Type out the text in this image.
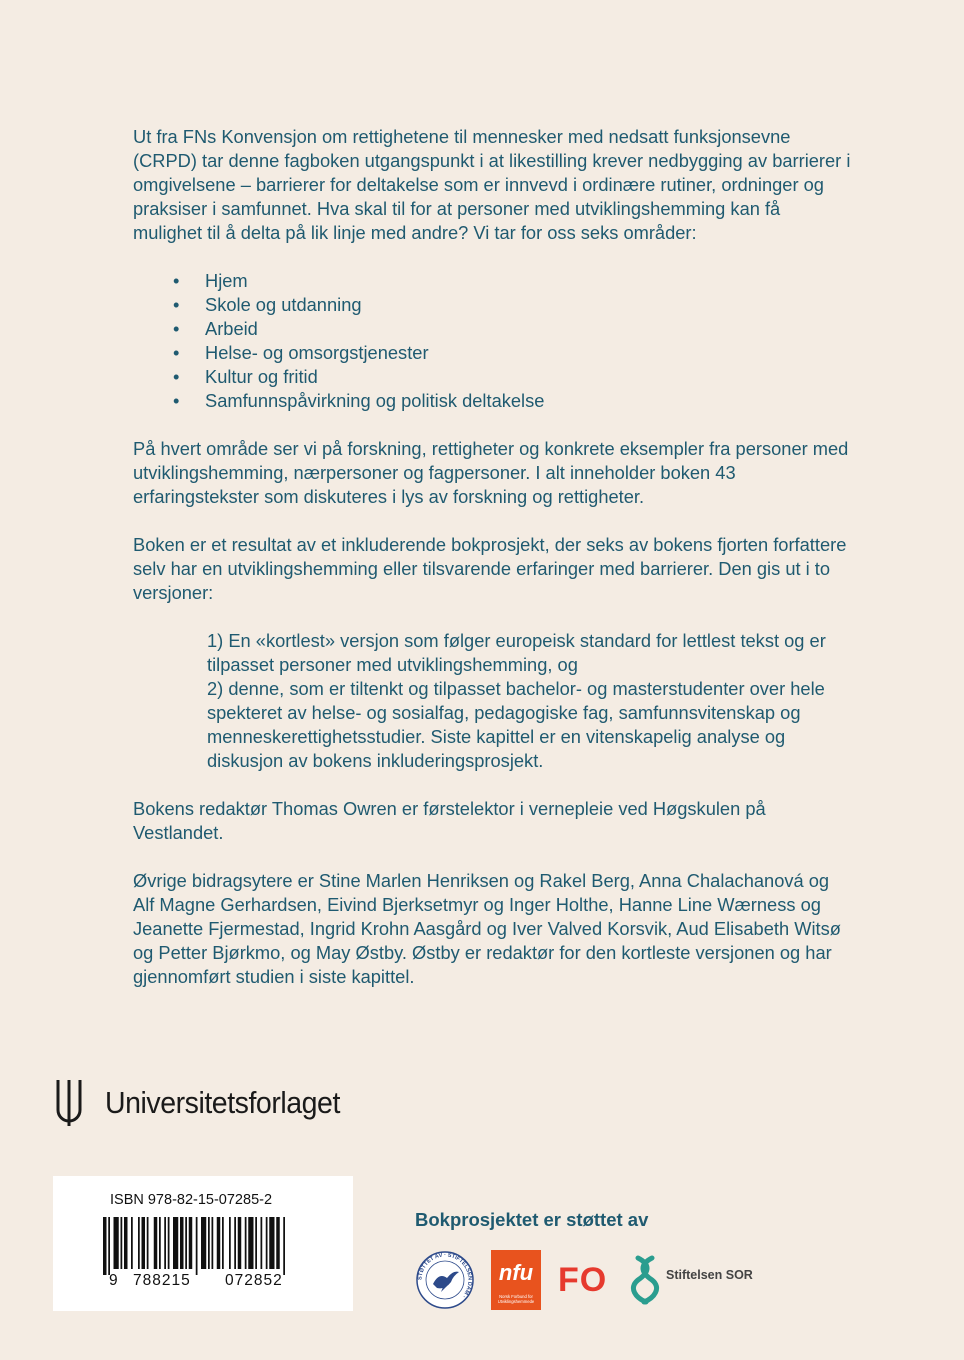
Ut fra FNs Konvensjon om rettighetene til mennesker med nedsatt funksjonsevne (CRPD) tar denne fagboken utgangspunkt i at likestilling krever nedbygging av barrierer i omgivelsene – barrierer for deltakelse som er innvevd i ordinære rutiner, ordninger og praksiser i samfunnet. Hva skal til for at personer med utviklingshemming kan få mulighet til å delta på lik linje med andre? Vi tar for oss seks områder:

• Hjem
• Skole og utdanning
• Arbeid
• Helse- og omsorgstjenester
• Kultur og fritid
• Samfunnspåvirkning og politisk deltakelse

På hvert område ser vi på forskning, rettigheter og konkrete eksempler fra personer med utviklingshemming, nærpersoner og fagpersoner. I alt inneholder boken 43 erfaringstekster som diskuteres i lys av forskning og rettigheter.

Boken er et resultat av et inkluderende bokprosjekt, der seks av bokens fjorten forfattere selv har en utviklingshemming eller tilsvarende erfaringer med barrierer. Den gis ut i to versjoner:

1) En «kortlest» versjon som følger europeisk standard for lettlest tekst og er tilpasset personer med utviklingshemming, og
2) denne, som er tiltenkt og tilpasset bachelor- og masterstudenter over hele spekteret av helse- og sosialfag, pedagogiske fag, samfunnsvitenskap og menneskerettighetsstudier. Siste kapittel er en vitenskapelig analyse og diskusjon av bokens inkluderingsprosjekt.

Bokens redaktør Thomas Owren er førstelektor i vernepleie ved Høgskulen på Vestlandet.

Øvrige bidragsytere er Stine Marlen Henriksen og Rakel Berg, Anna Chalachanová og Alf Magne Gerhardsen, Eivind Bjerksetmyr og Inger Holthe, Hanne Line Wærness og Jeanette Fjermestad, Ingrid Krohn Aasgård og Iver Valved Korsvik, Aud Elisabeth Witsø og Petter Bjørkmo, og May Østby. Østby er redaktør for den kortleste versjonen og har gjennomført studien i siste kapittel.

Universitetsforlaget
ISBN 978-82-15-07285-2
9 788215 072852
Bokprosjektet er støttet av
STØTTET AV · STIFTELSEN DAM ·
nfu
Norsk Forbund for Utviklingshemmede
FO	Stiftelsen SOR
